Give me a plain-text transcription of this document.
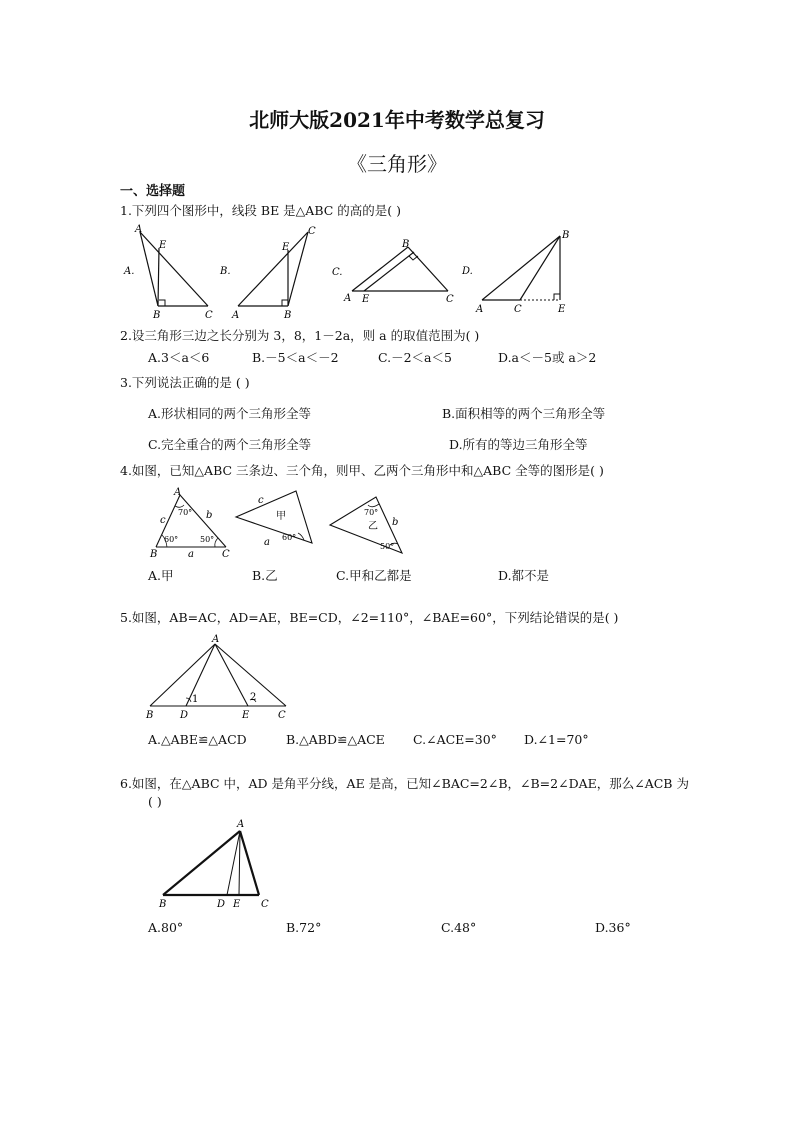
北师大版2021年中考数学总复习
《三角形》
一、选择题
1.下列四个图形中，线段 BE 是△ABC 的高的是( )
A.
A
E
B	C
B.
A
E
B
C
C.
A E
B
C
D.
A	C
B
E
2.设三角形三边之长分别为 3，8，1－2a，则 a 的取值范围为( )
A.3＜a＜6	B.－5＜a＜－2	C.－2＜a＜5	D.a＜－5或 a＞2
3.下列说法正确的是 ( )
A.形状相同的两个三角形全等	B.面积相等的两个三角形全等
C.完全重合的两个三角形全等	D.所有的等边三角形全等
4.如图，已知△ABC 三条边、三个角，则甲、乙两个三角形中和△ABC 全等的图形是( )
A
B	C
a
b
c
70°
60°	50°
甲
c
a 60°
乙
70°
b
50°
A.甲	B.乙	C.甲和乙都是	D.都不是
5.如图，AB=AC，AD=AE，BE=CD，∠2=110°，∠BAE=60°，下列结论错误的是( )
A
B	D	E	C
1	2
A.△ABE≌△ACD	B.△ABD≌△ACE C.∠ACE=30° D.∠1=70°
6.如图，在△ABC 中，AD 是角平分线，AE 是高，已知∠BAC=2∠B，∠B=2∠DAE，那么∠ACB 为
( )
A
B	D E C
A.80°	B.72°	C.48°	D.36°
